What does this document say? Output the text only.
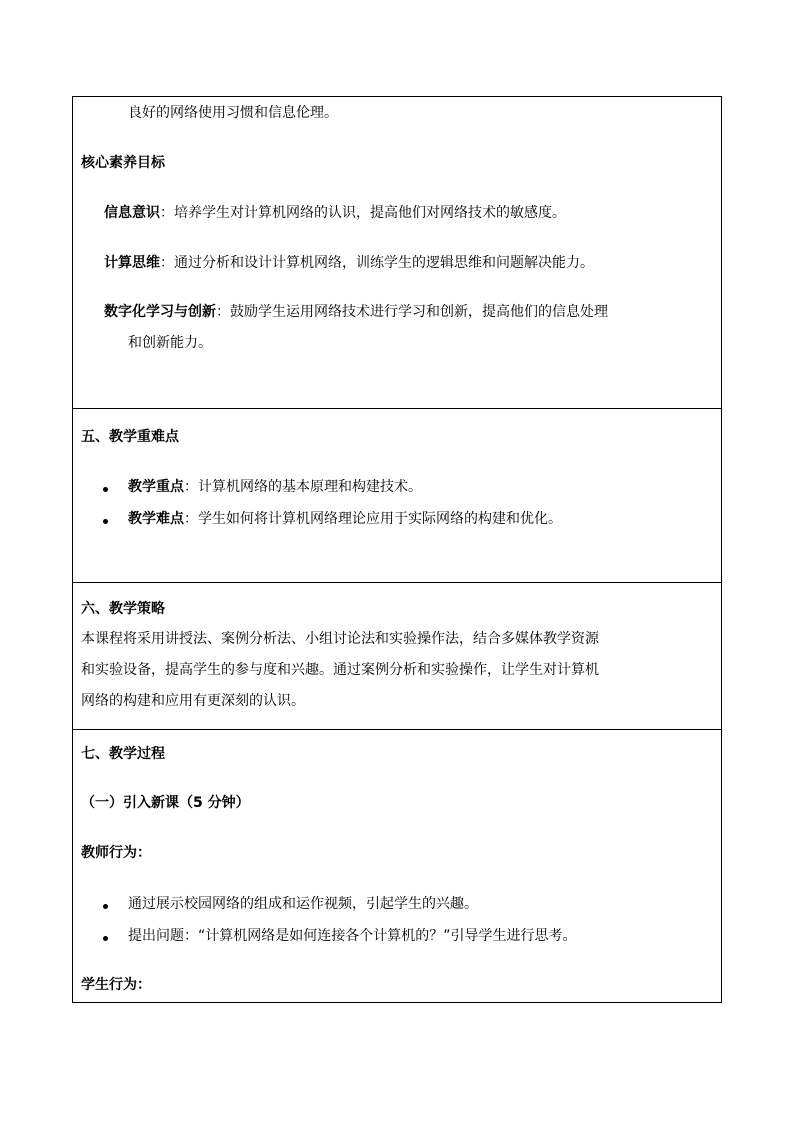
良好的网络使用习惯和信息伦理。
核心素养目标
信息意识：培养学生对计算机网络的认识，提高他们对网络技术的敏感度。
计算思维：通过分析和设计计算机网络，训练学生的逻辑思维和问题解决能力。
数字化学习与创新：鼓励学生运用网络技术进行学习和创新，提高他们的信息处理
和创新能力。
五、教学重难点
教学重点：计算机网络的基本原理和构建技术。
教学难点：学生如何将计算机网络理论应用于实际网络的构建和优化。
六、教学策略
本课程将采用讲授法、案例分析法、小组讨论法和实验操作法，结合多媒体教学资源
和实验设备，提高学生的参与度和兴趣。通过案例分析和实验操作，让学生对计算机
网络的构建和应用有更深刻的认识。
七、教学过程
（一）引入新课（5 分钟）
教师行为：
通过展示校园网络的组成和运作视频，引起学生的兴趣。
提出问题：“计算机网络是如何连接各个计算机的？”引导学生进行思考。
学生行为：
